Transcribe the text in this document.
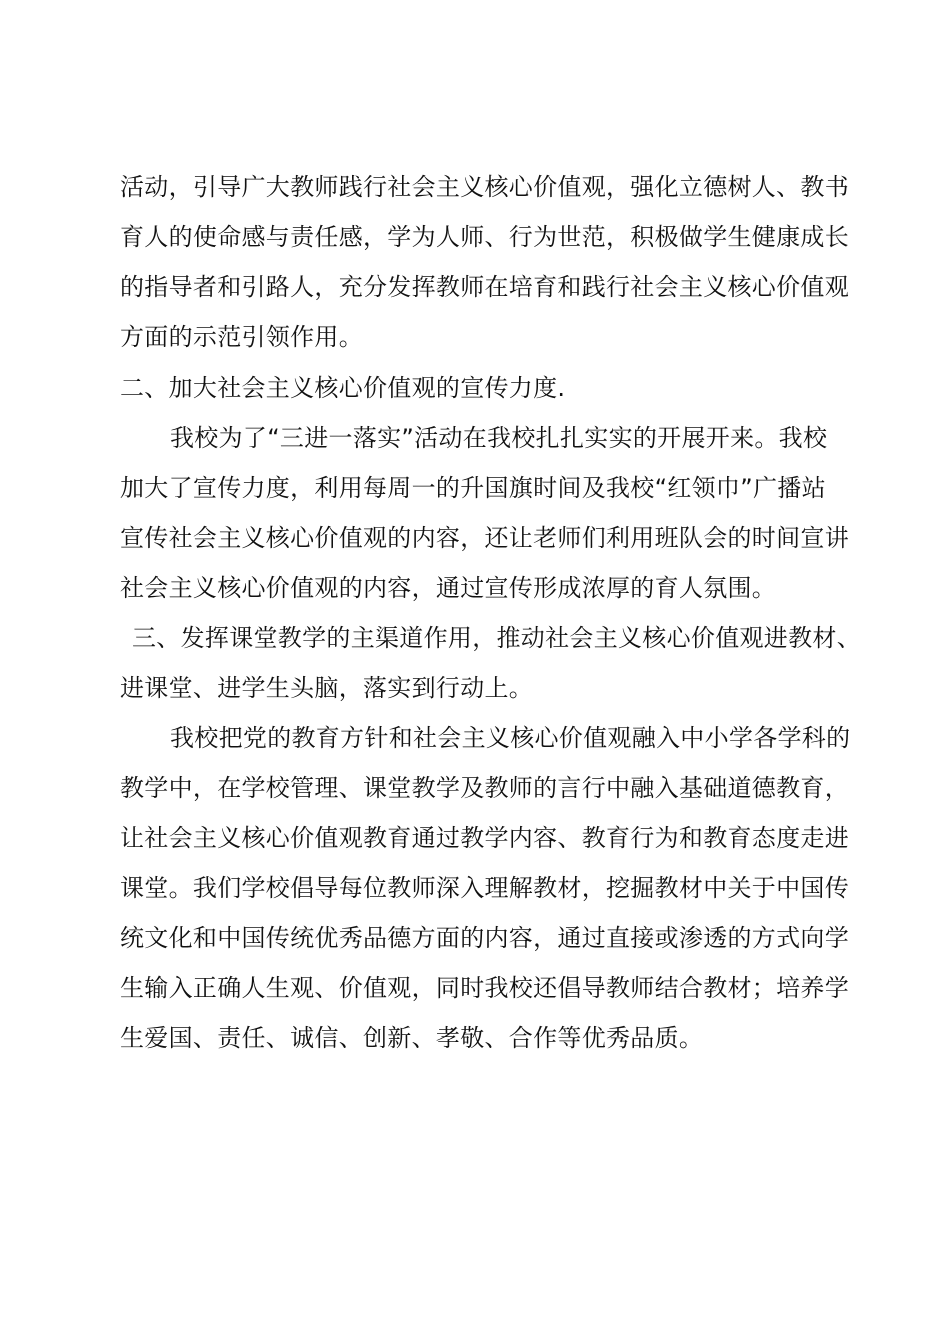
活动，引导广大教师践行社会主义核心价值观，强化立德树人、教书
育人的使命感与责任感，学为人师、行为世范，积极做学生健康成长
的指导者和引路人，充分发挥教师在培育和践行社会主义核心价值观
方面的示范引领作用。
二、加大社会主义核心价值观的宣传力度.
我校为了“三进一落实”活动在我校扎扎实实的开展开来。我校
加大了宣传力度，利用每周一的升国旗时间及我校“红领巾”广播站
宣传社会主义核心价值观的内容，还让老师们利用班队会的时间宣讲
社会主义核心价值观的内容，通过宣传形成浓厚的育人氛围。
三、发挥课堂教学的主渠道作用，推动社会主义核心价值观进教材、
进课堂、进学生头脑，落实到行动上。
我校把党的教育方针和社会主义核心价值观融入中小学各学科的
教学中，在学校管理、课堂教学及教师的言行中融入基础道德教育，
让社会主义核心价值观教育通过教学内容、教育行为和教育态度走进
课堂。我们学校倡导每位教师深入理解教材，挖掘教材中关于中国传
统文化和中国传统优秀品德方面的内容，通过直接或渗透的方式向学
生输入正确人生观、价值观，同时我校还倡导教师结合教材；培养学
生爱国、责任、诚信、创新、孝敬、合作等优秀品质。
